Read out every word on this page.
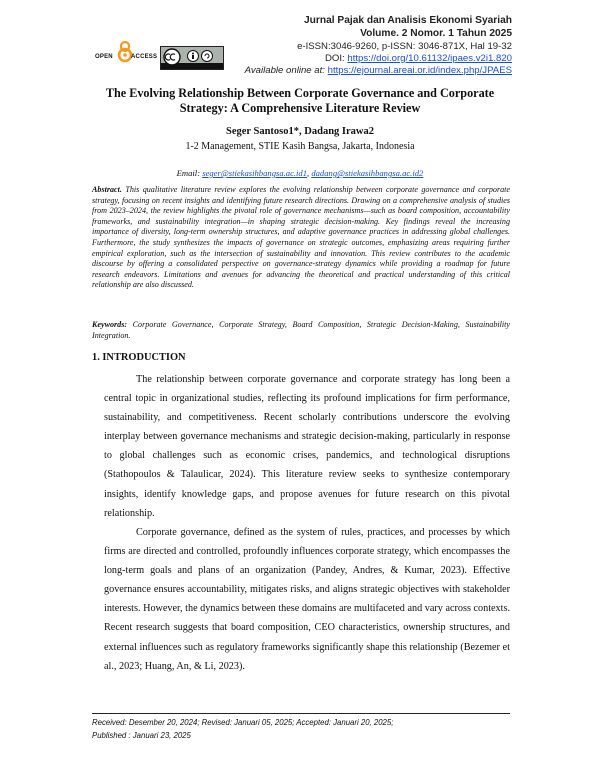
Jurnal Pajak dan Analisis Ekonomi Syariah
Volume. 2 Nomor. 1 Tahun 2025
e-ISSN:3046-9260, p-ISSN: 3046-871X, Hal 19-32
DOI: https://doi.org/10.61132/ipaes.v2i1.820
Available online at: https://ejournal.areai.or.id/index.php/JPAES
OPEN	ACCESS
The Evolving Relationship Between Corporate Governance and Corporate
Strategy: A Comprehensive Literature Review
Seger Santoso1*, Dadang Irawa2
1-2 Management, STIE Kasih Bangsa, Jakarta, Indonesia
Email: seger@stiekasihbangsa.ac.id1, dadang@stiekasihbangsa.ac.id2
Abstract. This qualitative literature review explores the evolving relationship between corporate governance and corporate strategy, focusing on recent insights and identifying future research directions. Drawing on a comprehensive analysis of studies from 2023–2024, the review highlights the pivotal role of governance mechanisms—such as board composition, accountability frameworks, and sustainability integration—in shaping strategic decision-making. Key findings reveal the increasing importance of diversity, long-term ownership structures, and adaptive governance practices in addressing global challenges. Furthermore, the study synthesizes the impacts of governance on strategic outcomes, emphasizing areas requiring further empirical exploration, such as the intersection of sustainability and innovation. This review contributes to the academic discourse by offering a consolidated perspective on governance-strategy dynamics while providing a roadmap for future research endeavors. Limitations and avenues for advancing the theoretical and practical understanding of this critical relationship are also discussed.
Keywords: Corporate Governance, Corporate Strategy, Board Composition, Strategic Decision-Making, Sustainability Integration.
1. INTRODUCTION
The relationship between corporate governance and corporate strategy has long been a central topic in organizational studies, reflecting its profound implications for firm performance, sustainability, and competitiveness. Recent scholarly contributions underscore the evolving interplay between governance mechanisms and strategic decision-making, particularly in response to global challenges such as economic crises, pandemics, and technological disruptions (Stathopoulos & Talaulicar, 2024). This literature review seeks to synthesize contemporary insights, identify knowledge gaps, and propose avenues for future research on this pivotal relationship.
Corporate governance, defined as the system of rules, practices, and processes by which firms are directed and controlled, profoundly influences corporate strategy, which encompasses the long-term goals and plans of an organization (Pandey, Andres, & Kumar, 2023). Effective governance ensures accountability, mitigates risks, and aligns strategic objectives with stakeholder interests. However, the dynamics between these domains are multifaceted and vary across contexts. Recent research suggests that board composition, CEO characteristics, ownership structures, and external influences such as regulatory frameworks significantly shape this relationship (Bezemer et al., 2023; Huang, An, & Li, 2023).
Received: Desember 20, 2024; Revised: Januari 05, 2025; Accepted: Januari 20, 2025;
Published : Januari 23, 2025
